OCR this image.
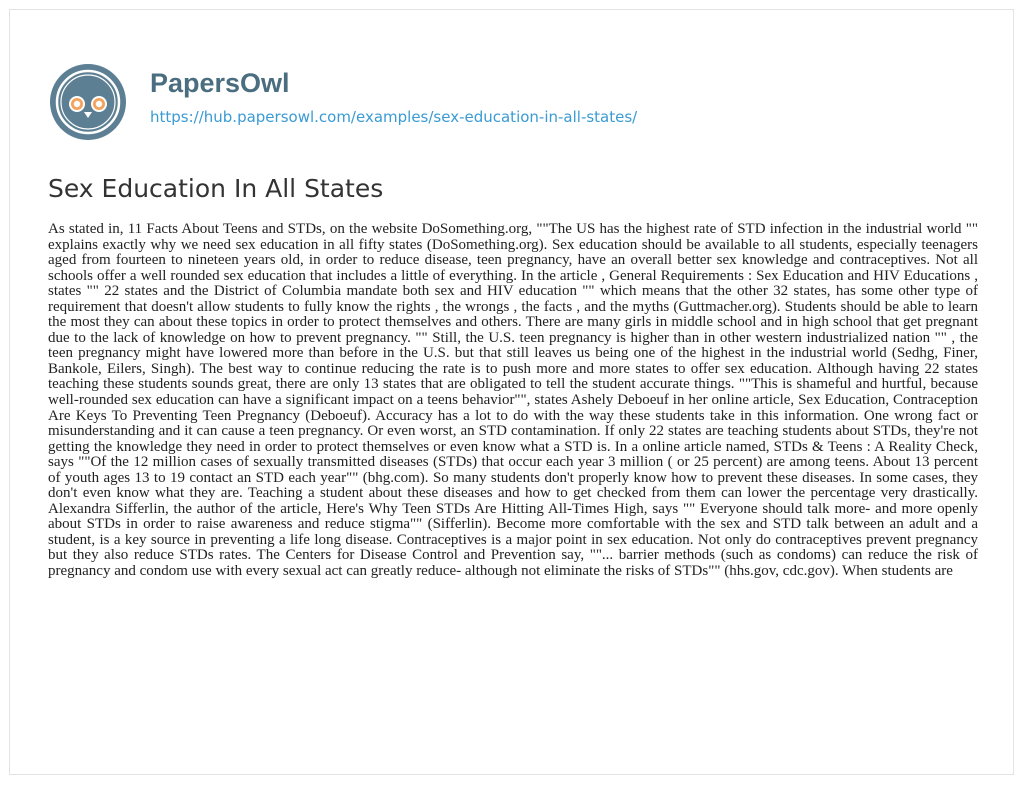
PapersOwl
https://hub.papersowl.com/examples/sex-education-in-all-states/
Sex Education In All States

As stated in, 11 Facts About Teens and STDs, on the website DoSomething.org, ""The US has the highest rate of STD infection in the industrial world "" explains exactly why we need sex education in all fifty states (DoSomething.org). Sex education should be available to all students, especially teenagers aged from fourteen to nineteen years old, in order to reduce disease, teen pregnancy, have an overall better sex knowledge and contraceptives. Not all schools offer a well rounded sex education that includes a little of everything. In the article , General Requirements : Sex Education and HIV Educations , states "" 22 states and the District of Columbia mandate both sex and HIV education "" which means that the other 32 states, has some other type of requirement that doesn't allow students to fully know the rights , the wrongs , the facts , and the myths (Guttmacher.org). Students should be able to learn the most they can about these topics in order to protect themselves and others. There are many girls in middle school and in high school that get pregnant due to the lack of knowledge on how to prevent pregnancy. "" Still, the U.S. teen pregnancy is higher than in other western industrialized nation "" , the teen pregnancy might have lowered more than before in the U.S. but that still leaves us being one of the highest in the industrial world (Sedhg, Finer, Bankole, Eilers, Singh). The best way to continue reducing the rate is to push more and more states to offer sex education. Although having 22 states teaching these students sounds great, there are only 13 states that are obligated to tell the student accurate things. ""This is shameful and hurtful, because well-rounded sex education can have a significant impact on a teens behavior"", states Ashely Deboeuf in her online article, Sex Education, Contraception Are Keys To Preventing Teen Pregnancy (Deboeuf). Accuracy has a lot to do with the way these students take in this information. One wrong fact or misunderstanding and it can cause a teen pregnancy. Or even worst, an STD contamination. If only 22 states are teaching students about STDs, they're not getting the knowledge they need in order to protect themselves or even know what a STD is. In a online article named, STDs & Teens : A Reality Check, says ""Of the 12 million cases of sexually transmitted diseases (STDs) that occur each year 3 million ( or 25 percent) are among teens. About 13 percent of youth ages 13 to 19 contact an STD each year"" (bhg.com). So many students don't properly know how to prevent these diseases. In some cases, they don't even know what they are. Teaching a student about these diseases and how to get checked from them can lower the percentage very drastically. Alexandra Sifferlin, the author of the article, Here's Why Teen STDs Are Hitting All-Times High, says "" Everyone should talk more- and more openly about STDs in order to raise awareness and reduce stigma"" (Sifferlin). Become more comfortable with the sex and STD talk between an adult and a student, is a key source in preventing a life long disease. Contraceptives is a major point in sex education. Not only do contraceptives prevent pregnancy but they also reduce STDs rates. The Centers for Disease Control and Prevention say, ""... barrier methods (such as condoms) can reduce the risk of pregnancy and condom use with every sexual act can greatly reduce- although not eliminate the risks of STDs"" (hhs.gov, cdc.gov). When students are
